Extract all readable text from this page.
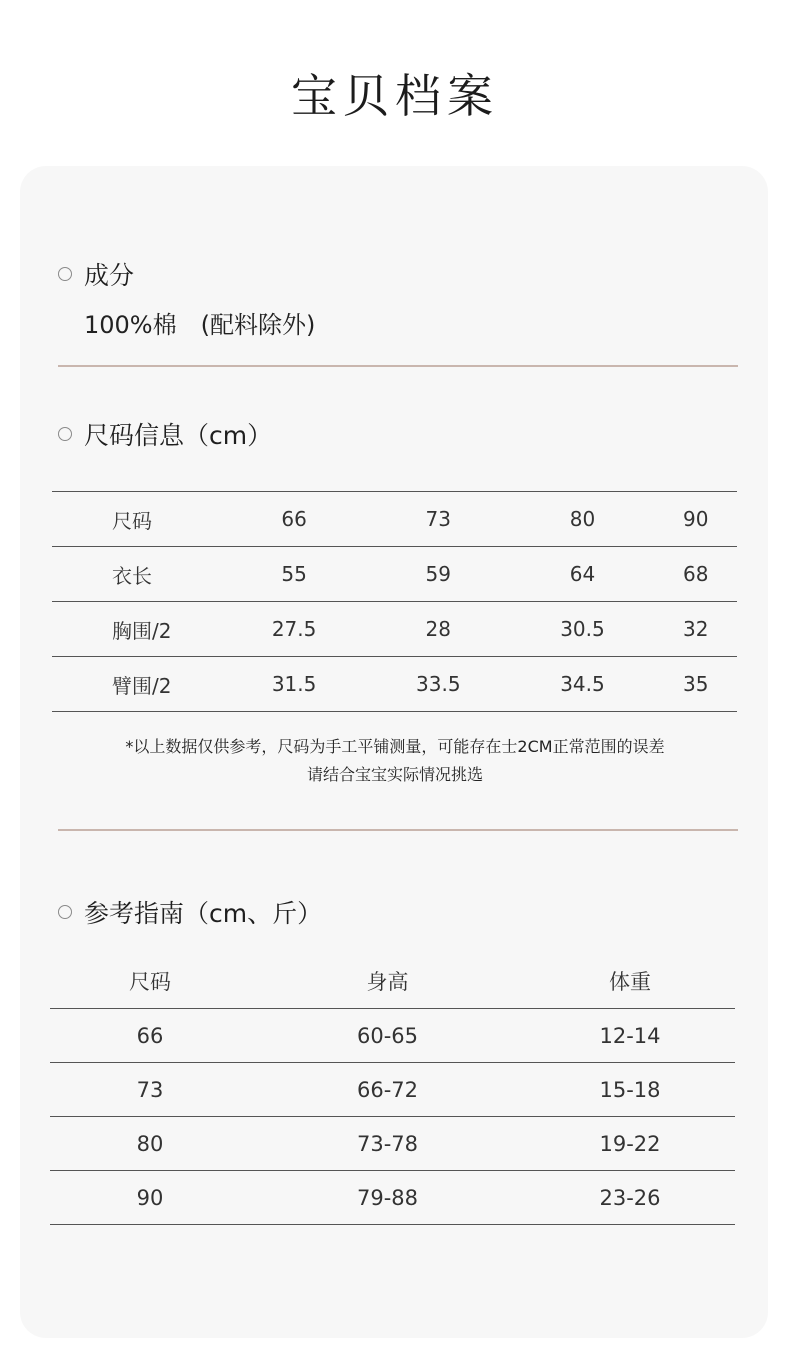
宝贝档案
成分
100%棉　(配料除外)
尺码信息（cm）
尺码	66	73	80	90
衣长	55	59	64	68
胸围/2	27.5	28	30.5	32
臂围/2	31.5	33.5	34.5	35
*以上数据仅供参考，尺码为手工平铺测量，可能存在士2CM正常范围的误差
请结合宝宝实际情况挑选
参考指南（cm、斤）
尺码	身高	体重
66	60-65	12-14
73	66-72	15-18
80	73-78	19-22
90	79-88	23-26
